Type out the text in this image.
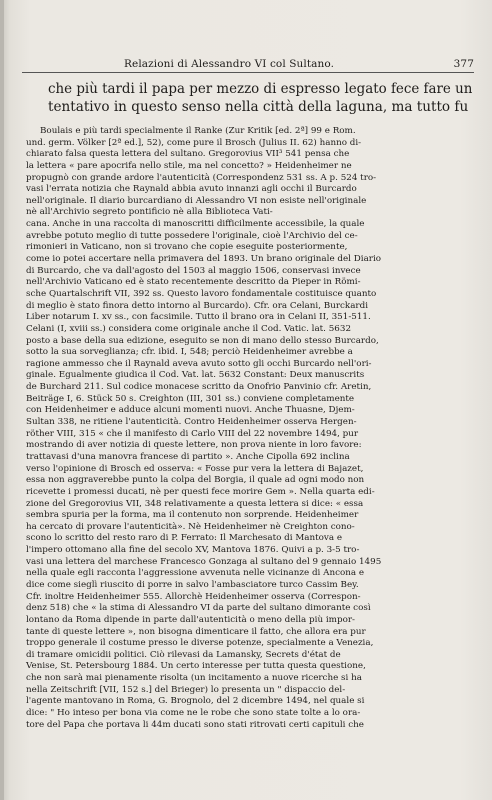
Relazioni di Alessandro VI col Sultano.	377
che più tardi il papa per mezzo di espresso legato fece fare un
tentativo in questo senso nella città della laguna, ma tutto fu
Boulais e più tardi specialmente il Ranke (Zur Kritik [ed. 2ª] 99 e Rom.
und. germ. Völker [2ª ed.], 52), come pure il Brosch (Julius II. 62) hanno di-
chiarato falsa questa lettera del sultano. Gregorovius VII³ 541 pensa che
la lettera « pare apocrifa nello stile, ma nel concetto? » Heidenheimer ne
propugnò con grande ardore l'autenticità (Correspondenz 531 ss. A p. 524 tro-
vasi l'errata notizia che Raynald abbia avuto innanzi agli occhi il Burcardo
nell'originale. Il diario burcardiano di Alessandro VI non esiste nell'originale
nè all'Archivio segreto pontificio nè alla Biblioteca Vati-
cana. Anche in una raccolta di manoscritti difficilmente accessibile, la quale
avrebbe potuto meglio di tutte possedere l'originale, cioè l'Archivio del ce-
rimonieri in Vaticano, non si trovano che copie eseguite posteriormente,
come io potei accertare nella primavera del 1893. Un brano originale del Diario
di Burcardo, che va dall'agosto del 1503 al maggio 1506, conservasi invece
nell'Archivio Vaticano ed è stato recentemente descritto da Pieper in Römi-
sche Quartalschrift VII, 392 ss. Questo lavoro fondamentale costituisce quanto
di meglio è stato finora detto intorno al Burcardo). Cfr. ora Celani, Burckardi
Liber notarum I. xv ss., con facsimile. Tutto il brano ora in Celani II, 351-511.
Celani (I, xviii ss.) considera come originale anche il Cod. Vatic. lat. 5632
posto a base della sua edizione, eseguito se non di mano dello stesso Burcardo,
sotto la sua sorveglianza; cfr. ibid. I, 548; perciò Heidenheimer avrebbe a
ragione ammesso che il Raynald aveva avuto sotto gli occhi Burcardo nell'ori-
ginale. Egualmente giudica il Cod. Vat. lat. 5632 Constant: Deux manuscrits
de Burchard 211. Sul codice monacese scritto da Onofrio Panvinio cfr. Aretin,
Beiträge I, 6. Stück 50 s. Creighton (III, 301 ss.) conviene completamente
con Heidenheimer e adduce alcuni momenti nuovi. Anche Thuasne, Djem-
Sultan 338, ne ritiene l'autenticità. Contro Heidenheimer osserva Hergen-
röther VIII, 315 « che il manifesto di Carlo VIII del 22 novembre 1494, pur
mostrando di aver notizia di queste lettere, non prova niente in loro favore:
trattavasi d'una manovra francese di partito ». Anche Cipolla 692 inclina
verso l'opinione di Brosch ed osserva: « Fosse pur vera la lettera di Bajazet,
essa non aggraverebbe punto la colpa del Borgia, il quale ad ogni modo non
ricevette i promessi ducati, nè per questi fece morire Gem ». Nella quarta edi-
zione del Gregorovius VII, 348 relativamente a questa lettera si dice: « essa
sembra spuria per la forma, ma il contenuto non sorprende. Heidenheimer
ha cercato di provare l'autenticità». Nè Heidenheimer nè Creighton cono-
scono lo scritto del resto raro di P. Ferrato: Il Marchesato di Mantova e
l'impero ottomano alla fine del secolo XV, Mantova 1876. Quivi a p. 3-5 tro-
vasi una lettera del marchese Francesco Gonzaga al sultano del 9 gennaio 1495
nella quale egli racconta l'aggressione avvenuta nelle vicinanze di Ancona e
dice come sieglì riuscito di porre in salvo l'ambasciatore turco Cassim Bey.
Cfr. inoltre Heidenheimer 555. Allorchè Heidenheimer osserva (Correspon-
denz 518) che « la stima di Alessandro VI da parte del sultano dimorante così
lontano da Roma dipende in parte dall'autenticità o meno della più impor-
tante di queste lettere », non bisogna dimenticare il fatto, che allora era pur
troppo generale il costume presso le diverse potenze, specialmente a Venezia,
di tramare omicidii politici. Ciò rilevasi da Lamansky, Secrets d'état de
Venise, St. Petersbourg 1884. Un certo interesse per tutta questa questione,
che non sarà mai pienamente risolta (un incitamento a nuove ricerche si ha
nella Zeitschrift [VII, 152 s.] del Brieger) lo presenta un " dispaccio del-
l'agente mantovano in Roma, G. Brognolo, del 2 dicembre 1494, nel quale si
dice: " Ho inteso per bona via come ne le robe che sono state tolte a lo ora-
tore del Papa che portava li 44m ducati sono stati ritrovati certi capituli che
